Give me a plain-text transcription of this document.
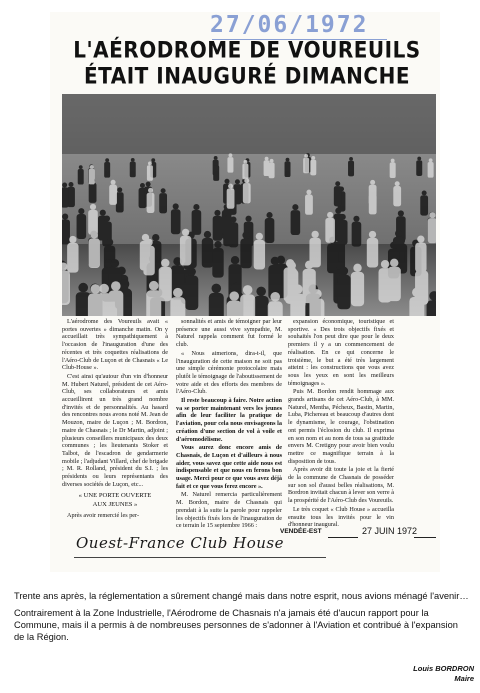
27/06/1972
L'AÉRODROME DE VOUREUILS
ÉTAIT INAUGURÉ DIMANCHE

L'aérodrome des Voureuils avait « portes ouvertes » dimanche matin. On y accueillait très sympathiquement à l'occasion de l'inauguration d'une des récentes et très coquettes réalisations de l'Aéro-Club de Luçon et de Chasnais « Le Club-House ».

C'est ainsi qu'autour d'un vin d'honneur M. Hubert Naturel, président de cet Aéro-Club, ses collaborateurs et amis accueillirent un très grand nombre d'invités et de personnalités. Au hasard des rencontres nous avons noté M. Jean de Mouzon, maire de Luçon ; M. Bordron, maire de Chasnais ; le Dr Martin, adjoint ; plusieurs conseillers municipaux des deux communes ; les lieutenants Stoker et Talbot, de l'escadron de gendarmerie mobile ; l'adjudant Villard, chef de brigade ; M. R. Rolland, président du S.I. ; les présidents ou leurs représentants des diverses sociétés de Luçon, etc...

« UNE PORTE OUVERTE

AUX JEUNES »

Après avoir remercié les per-

sonnalités et amis de témoigner par leur présence une aussi vive sympathie, M. Naturel rappela comment fut formé le club.

« Nous aimerions, dira-t-il, que l'inauguration de cette maison ne soit pas une simple cérémonie protocolaire mais plutôt le témoignage de l'aboutissement de votre aide et des efforts des membres de l'Aéro-Club.

Il reste beaucoup à faire. Notre action va se porter maintenant vers les jeunes afin de leur faciliter la pratique de l'aviation, pour cela nous envisageons la création d'une section de vol à voile et d'aéromodélisme.

Vous aurez donc encore amis de Chasnais, de Luçon et d'ailleurs à nous aider, vous savez que cette aide nous est indispensable et que nous en ferons bon usage. Merci pour ce que vous avez déjà fait et ce que vous ferez encore ».

M. Naturel remercia particulièrement M. Bordon, maire de Chasnais qui prendait à la suite la parole pour rappeler les objectifs fixés lors de l'inauguration de ce terrain le 15 septembre 1966 :

expansion économique, touristique et sportive. « Des trois objectifs fixés et souhaités l'on peut dire que pour le deux premiers il y a un commencement de réalisation. En ce qui concerne le troisième, le but a été très largement atteint : les constructions que vous avez sous les yeux en sont les meilleurs témoignages ».

Puis M. Bordon rendit hommage aux grands artisans de cet Aéro-Club, à MM. Naturel, Mentha, Pécheux, Bastin, Martin, Luba, Pichereau et beaucoup d'autres dont le dynamisme, le courage, l'obstination ont permis l'éclosion du club. Il exprima en son nom et au nom de tous sa gratitude envers M. Cretigny pour avoir bien voulu mettre ce magnifique terrain à la disposition de tous.

Après avoir dit toute la joie et la fierté de la commune de Chasnais de posséder sur son sol d'aussi belles réalisations, M. Bordron invitait chacun à lever son verre à la prospérité de l'Aéro-Club des Voureuils.

Le très coquet « Club House » accueilla ensuite tous les invités pour le vin d'honneur inaugural.

Ouest-France Club House
VENDÉE-EST	27 JUIN 1972

Trente ans après, la réglementation a sûrement changé mais dans notre esprit, nous avions ménagé l'avenir…

Contrairement à la Zone Industrielle, l'Aérodrome de Chasnais n'a jamais été d'aucun rapport pour la Commune, mais il a permis à de nombreuses personnes de s'adonner à l'Aviation et contribué à l'expansion de la Région.

Louis BORDRON
Maire
